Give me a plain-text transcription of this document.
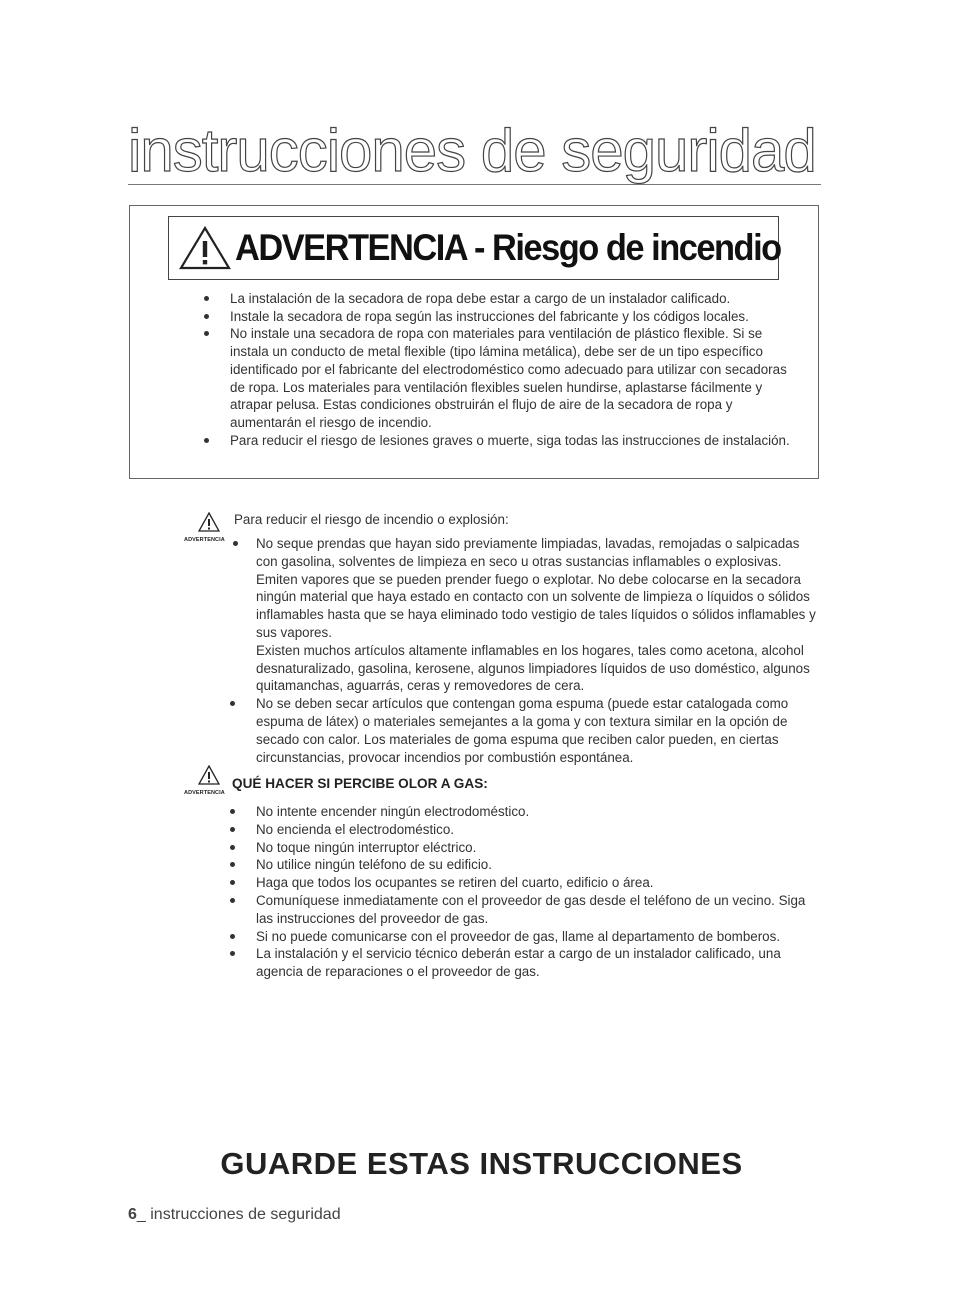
instrucciones de seguridad
ADVERTENCIA - Riesgo de incendio

La instalación de la secadora de ropa debe estar a cargo de un instalador calificado.

Instale la secadora de ropa según las instrucciones del fabricante y los códigos locales.

No instale una secadora de ropa con materiales para ventilación de plástico flexible. Si se instala un conducto de metal flexible (tipo lámina metálica), debe ser de un tipo específico identificado por el fabricante del electrodoméstico como adecuado para utilizar con secadoras de ropa. Los materiales para ventilación flexibles suelen hundirse, aplastarse fácilmente y atrapar pelusa. Estas condiciones obstruirán el flujo de aire de la secadora de ropa y aumentarán el riesgo de incendio.

Para reducir el riesgo de lesiones graves o muerte, siga todas las instrucciones de instalación.

ADVERTENCIA
Para reducir el riesgo de incendio o explosión:

No seque prendas que hayan sido previamente limpiadas, lavadas, remojadas o salpicadas con gasolina, solventes de limpieza en seco u otras sustancias inflamables o explosivas. Emiten vapores que se pueden prender fuego o explotar. No debe colocarse en la secadora ningún material que haya estado en contacto con un solvente de limpieza o líquidos o sólidos inflamables hasta que se haya eliminado todo vestigio de tales líquidos o sólidos inflamables y sus vapores.

Existen muchos artículos altamente inflamables en los hogares, tales como acetona, alcohol desnaturalizado, gasolina, kerosene, algunos limpiadores líquidos de uso doméstico, algunos quitamanchas, aguarrás, ceras y removedores de cera.

No se deben secar artículos que contengan goma espuma (puede estar catalogada como espuma de látex) o materiales semejantes a la goma y con textura similar en la opción de secado con calor. Los materiales de goma espuma que reciben calor pueden, en ciertas circunstancias, provocar incendios por combustión espontánea.

ADVERTENCIA
QUÉ HACER SI PERCIBE OLOR A GAS:

No intente encender ningún electrodoméstico.

No encienda el electrodoméstico.

No toque ningún interruptor eléctrico.

No utilice ningún teléfono de su edificio.

Haga que todos los ocupantes se retiren del cuarto, edificio o área.

Comuníquese inmediatamente con el proveedor de gas desde el teléfono de un vecino. Siga las instrucciones del proveedor de gas.

Si no puede comunicarse con el proveedor de gas, llame al departamento de bomberos.

La instalación y el servicio técnico deberán estar a cargo de un instalador calificado, una agencia de reparaciones o el proveedor de gas.

GUARDE ESTAS INSTRUCCIONES
6_ instrucciones de seguridad
